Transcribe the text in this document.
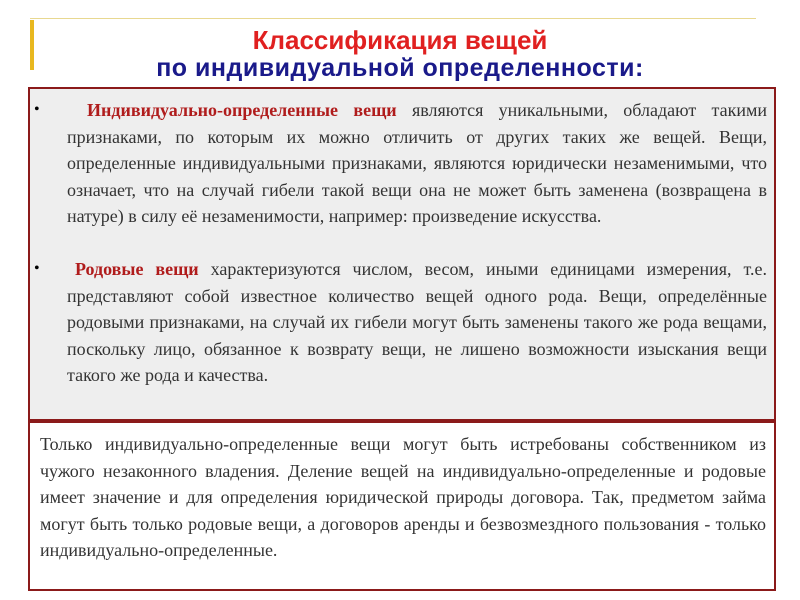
Классификация вещей
по индивидуальной определенности:
•	Индивидуально-определенные вещи являются уникальными, обладают такими признаками, по которым их можно отличить от других таких же вещей. Вещи, определенные индивидуальными признаками, являются юридически незаменимыми, что означает, что на случай гибели такой вещи она не может быть заменена (возвращена в натуре) в силу её незаменимости, например: произведение искусства.
•	Родовые вещи характеризуются числом, весом, иными единицами измерения, т.е. представляют собой известное количество вещей одного рода. Вещи, определённые родовыми признаками, на случай их гибели могут быть заменены такого же рода вещами, поскольку лицо, обязанное к возврату вещи, не лишено возможности изыскания вещи такого же рода и качества.
Только индивидуально-определенные вещи могут быть истребованы собственником из чужого незаконного владения. Деление вещей на индивидуально-определенные и родовые имеет значение и для определения юридической природы договора. Так, предметом займа могут быть только родовые вещи, а договоров аренды и безвозмездного пользования - только индивидуально-определенные.
